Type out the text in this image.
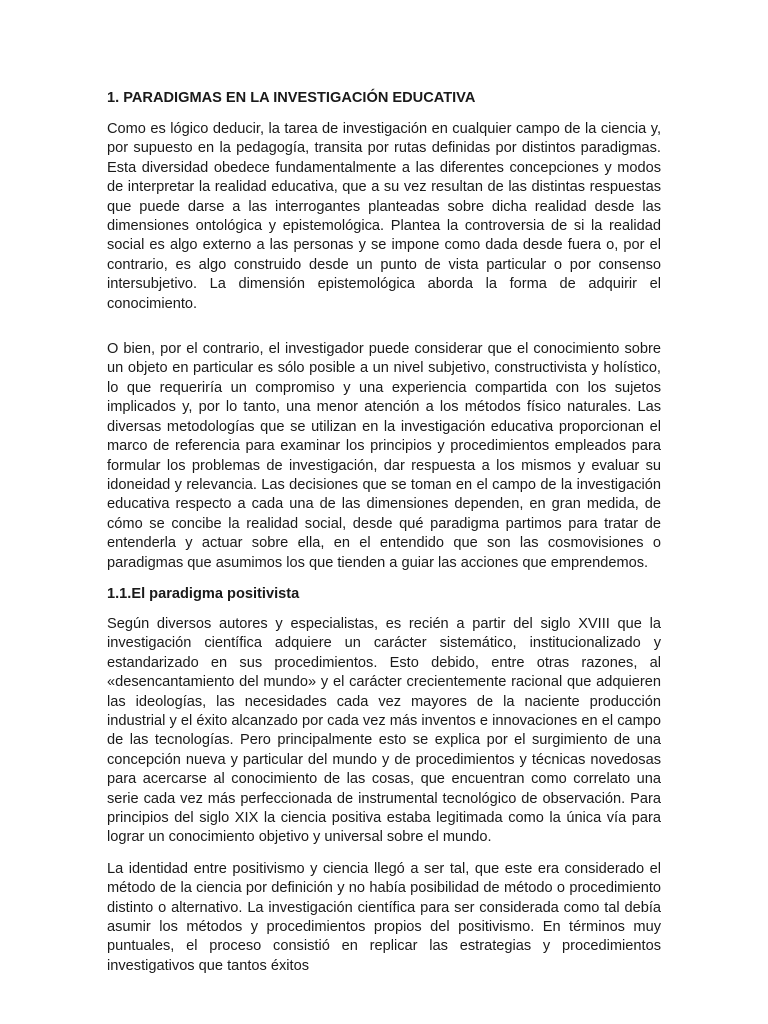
1. PARADIGMAS EN LA INVESTIGACIÓN EDUCATIVA

Como es lógico deducir, la tarea de investigación en cualquier campo de la ciencia y, por supuesto en la pedagogía, transita por rutas definidas por distintos paradigmas. Esta diversidad obedece fundamentalmente a las diferentes concepciones y modos de interpretar la realidad educativa, que a su vez resultan de las distintas respuestas que puede darse a las interrogantes planteadas sobre dicha realidad desde las dimensiones ontológica y epistemológica. Plantea la controversia de si la realidad social es algo externo a las personas y se impone como dada desde fuera o, por el contrario, es algo construido desde un punto de vista particular o por consenso intersubjetivo. La dimensión epistemológica aborda la forma de adquirir el conocimiento.

O bien, por el contrario, el investigador puede considerar que el conocimiento sobre un objeto en particular es sólo posible a un nivel subjetivo, constructivista y holístico, lo que requeriría un compromiso y una experiencia compartida con los sujetos implicados y, por lo tanto, una menor atención a los métodos físico naturales. Las diversas metodologías que se utilizan en la investigación educativa proporcionan el marco de referencia para examinar los principios y procedimientos empleados para formular los problemas de investigación, dar respuesta a los mismos y evaluar su idoneidad y relevancia. Las decisiones que se toman en el campo de la investigación educativa respecto a cada una de las dimensiones dependen, en gran medida, de cómo se concibe la realidad social, desde qué paradigma partimos para tratar de entenderla y actuar sobre ella, en el entendido que son las cosmovisiones o paradigmas que asumimos los que tienden a guiar las acciones que emprendemos.

1.1.El paradigma positivista

Según diversos autores y especialistas, es recién a partir del siglo XVIII que la investigación científica adquiere un carácter sistemático, institucionalizado y estandarizado en sus procedimientos. Esto debido, entre otras razones, al «desencantamiento del mundo» y el carácter crecientemente racional que adquieren las ideologías, las necesidades cada vez mayores de la naciente producción industrial y el éxito alcanzado por cada vez más inventos e innovaciones en el campo de las tecnologías. Pero principalmente esto se explica por el surgimiento de una concepción nueva y particular del mundo y de procedimientos y técnicas novedosas para acercarse al conocimiento de las cosas, que encuentran como correlato una serie cada vez más perfeccionada de instrumental tecnológico de observación. Para principios del siglo XIX la ciencia positiva estaba legitimada como la única vía para lograr un conocimiento objetivo y universal sobre el mundo.

La identidad entre positivismo y ciencia llegó a ser tal, que este era considerado el método de la ciencia por definición y no había posibilidad de método o procedimiento distinto o alternativo. La investigación científica para ser considerada como tal debía asumir los métodos y procedimientos propios del positivismo. En términos muy puntuales, el proceso consistió en replicar las estrategias y procedimientos investigativos que tantos éxitos
